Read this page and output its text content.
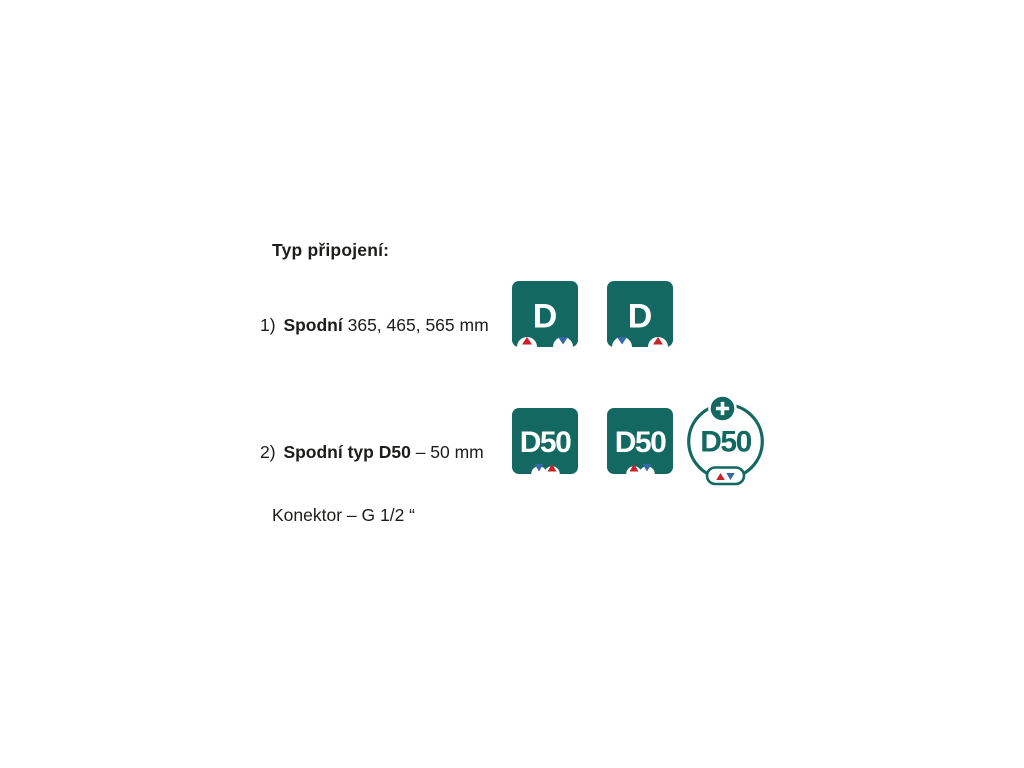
Typ připojení:
1) Spodní 365, 465, 565 mm
2) Spodní typ D50 – 50 mm
Konektor – G 1/2 “
D D
D50 D50 D50
